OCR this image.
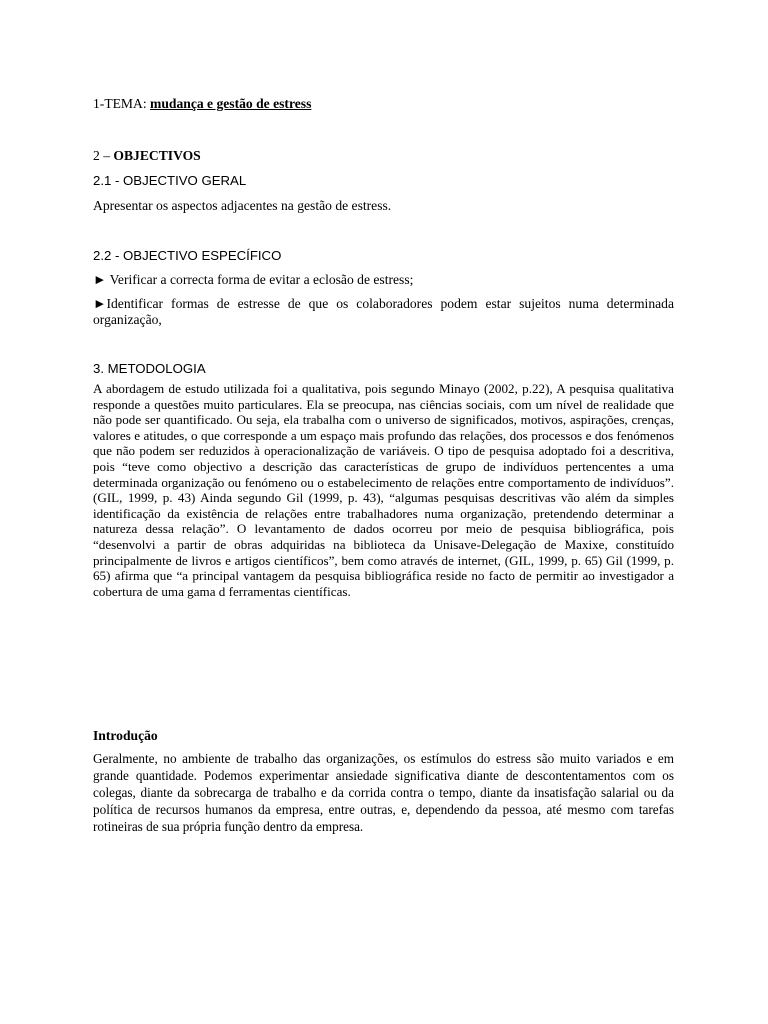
1-TEMA: mudança e gestão de estress

2 – OBJECTIVOS

2.1 - OBJECTIVO GERAL

Apresentar os aspectos adjacentes na gestão de estress.

2.2 - OBJECTIVO ESPECÍFICO

► Verificar a correcta forma de evitar a eclosão de estress;

►Identificar formas de estresse de que os colaboradores podem estar sujeitos numa determinada organização,

3. METODOLOGIA

A abordagem de estudo utilizada foi a qualitativa, pois segundo Minayo (2002, p.22), A pesquisa qualitativa responde a questões muito particulares. Ela se preocupa, nas ciências sociais, com um nível de realidade que não pode ser quantificado. Ou seja, ela trabalha com o universo de significados, motivos, aspirações, crenças, valores e atitudes, o que corresponde a um espaço mais profundo das relações, dos processos e dos fenómenos que não podem ser reduzidos à operacionalização de variáveis. O tipo de pesquisa adoptado foi a descritiva, pois “teve como objectivo a descrição das características de grupo de indivíduos pertencentes a uma determinada organização ou fenómeno ou o estabelecimento de relações entre comportamento de indivíduos”. (GIL, 1999, p. 43) Ainda segundo Gil (1999, p. 43), “algumas pesquisas descritivas vão além da simples identificação da existência de relações entre trabalhadores numa organização, pretendendo determinar a natureza dessa relação”. O levantamento de dados ocorreu por meio de pesquisa bibliográfica, pois “desenvolvi a partir de obras adquiridas na biblioteca da Unisave-Delegação de Maxixe, constituído principalmente de livros e artigos científicos”, bem como através de internet, (GIL, 1999, p. 65) Gil (1999, p. 65) afirma que “a principal vantagem da pesquisa bibliográfica reside no facto de permitir ao investigador a cobertura de uma gama d ferramentas científicas.

Introdução

Geralmente, no ambiente de trabalho das organizações, os estímulos do estress são muito variados e em grande quantidade. Podemos experimentar ansiedade significativa diante de descontentamentos com os colegas, diante da sobrecarga de trabalho e da corrida contra o tempo, diante da insatisfação salarial ou da política de recursos humanos da empresa, entre outras, e, dependendo da pessoa, até mesmo com tarefas rotineiras de sua própria função dentro da empresa.
